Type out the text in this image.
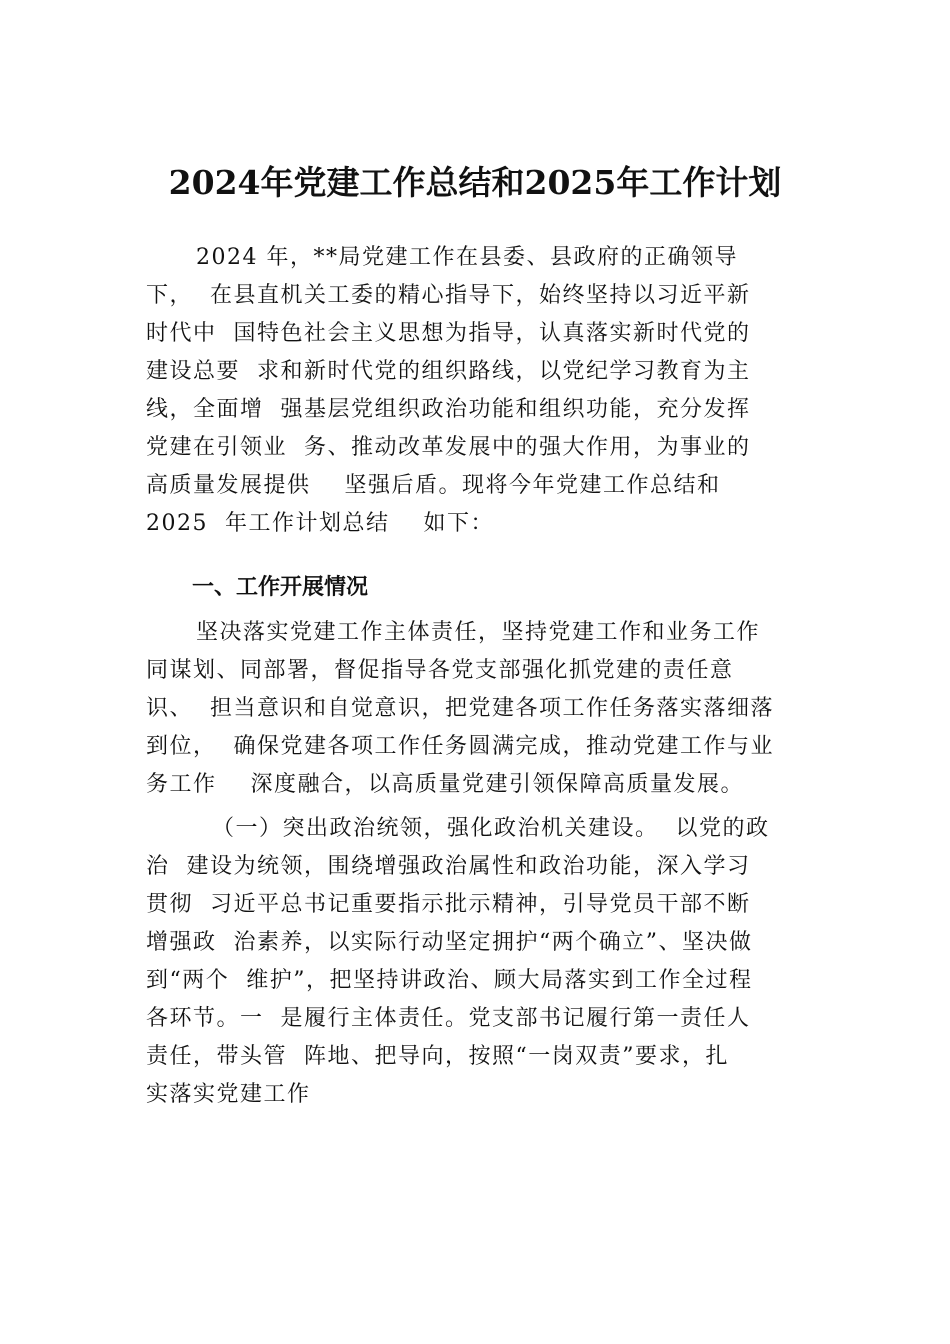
2024年党建工作总结和2025年工作计划
2024 年，**局党建工作在县委、县政府的正确领导
下，  在县直机关工委的精心指导下，始终坚持以习近平新
时代中  国特色社会主义思想为指导，认真落实新时代党的
建设总要  求和新时代党的组织路线，以党纪学习教育为主
线，全面增  强基层党组织政治功能和组织功能，充分发挥
党建在引领业  务、推动改革发展中的强大作用，为事业的
高质量发展提供    坚强后盾。现将今年党建工作总结和
2025  年工作计划总结    如下：
一、工作开展情况
坚决落实党建工作主体责任，坚持党建工作和业务工作
同谋划、同部署，督促指导各党支部强化抓党建的责任意
识、  担当意识和自觉意识，把党建各项工作任务落实落细落
到位，  确保党建各项工作任务圆满完成，推动党建工作与业
务工作    深度融合，以高质量党建引领保障高质量发展。
（一）突出政治统领，强化政治机关建设。  以党的政
治  建设为统领，围绕增强政治属性和政治功能，深入学习
贯彻  习近平总书记重要指示批示精神，引导党员干部不断
增强政  治素养，以实际行动坚定拥护“两个确立”、坚决做
到“两个  维护”，把坚持讲政治、顾大局落实到工作全过程
各环节。一  是履行主体责任。党支部书记履行第一责任人
责任，带头管  阵地、把导向，按照“一岗双责”要求，扎
实落实党建工作
